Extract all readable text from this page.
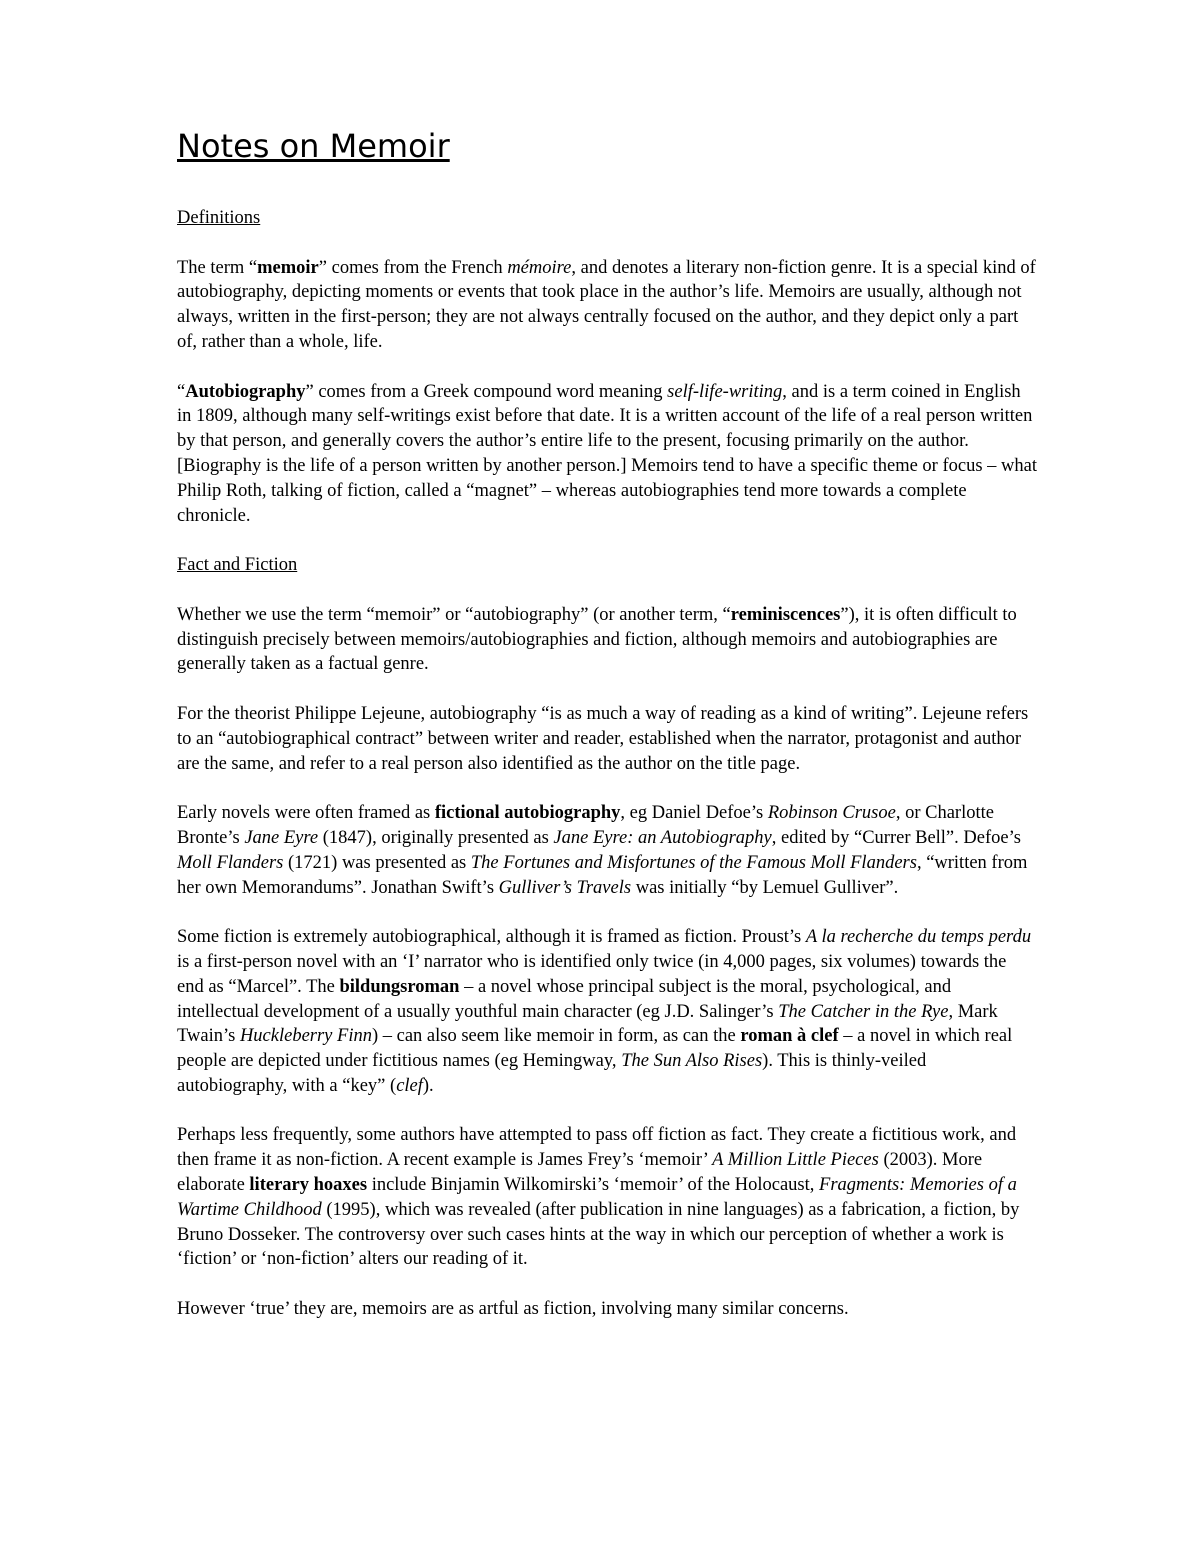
Notes on Memoir
Definitions

The term “memoir” comes from the French mémoire, and denotes a literary non-fiction genre. It is a special kind of autobiography, depicting moments or events that took place in the author’s life. Memoirs are usually, although not always, written in the first-person; they are not always centrally focused on the author, and they depict only a part of, rather than a whole, life.

“Autobiography” comes from a Greek compound word meaning self-life-writing, and is a term coined in English in 1809, although many self-writings exist before that date. It is a written account of the life of a real person written by that person, and generally covers the author’s entire life to the present, focusing primarily on the author. [Biography is the life of a person written by another person.] Memoirs tend to have a specific theme or focus – what Philip Roth, talking of fiction, called a “magnet” – whereas autobiographies tend more towards a complete chronicle.

Fact and Fiction

Whether we use the term “memoir” or “autobiography” (or another term, “reminiscences”), it is often difficult to distinguish precisely between memoirs/autobiographies and fiction, although memoirs and autobiographies are generally taken as a factual genre.

For the theorist Philippe Lejeune, autobiography “is as much a way of reading as a kind of writing”. Lejeune refers to an “autobiographical contract” between writer and reader, established when the narrator, protagonist and author are the same, and refer to a real person also identified as the author on the title page.

Early novels were often framed as fictional autobiography, eg Daniel Defoe’s Robinson Crusoe, or Charlotte Bronte’s Jane Eyre (1847), originally presented as Jane Eyre: an Autobiography, edited by “Currer Bell”. Defoe’s Moll Flanders (1721) was presented as The Fortunes and Misfortunes of the Famous Moll Flanders, “written from her own Memorandums”. Jonathan Swift’s Gulliver’s Travels was initially “by Lemuel Gulliver”.

Some fiction is extremely autobiographical, although it is framed as fiction. Proust’s A la recherche du temps perdu is a first-person novel with an ‘I’ narrator who is identified only twice (in 4,000 pages, six volumes) towards the end as “Marcel”. The bildungsroman – a novel whose principal subject is the moral, psychological, and intellectual development of a usually youthful main character (eg J.D. Salinger’s The Catcher in the Rye, Mark Twain’s Huckleberry Finn) – can also seem like memoir in form, as can the roman à clef – a novel in which real people are depicted under fictitious names (eg Hemingway, The Sun Also Rises). This is thinly-veiled autobiography, with a “key” (clef).

Perhaps less frequently, some authors have attempted to pass off fiction as fact. They create a fictitious work, and then frame it as non-fiction. A recent example is James Frey’s ‘memoir’ A Million Little Pieces (2003). More elaborate literary hoaxes include Binjamin Wilkomirski’s ‘memoir’ of the Holocaust, Fragments: Memories of a Wartime Childhood (1995), which was revealed (after publication in nine languages) as a fabrication, a fiction, by Bruno Dosseker. The controversy over such cases hints at the way in which our perception of whether a work is ‘fiction’ or ‘non-fiction’ alters our reading of it.

However ‘true’ they are, memoirs are as artful as fiction, involving many similar concerns.
